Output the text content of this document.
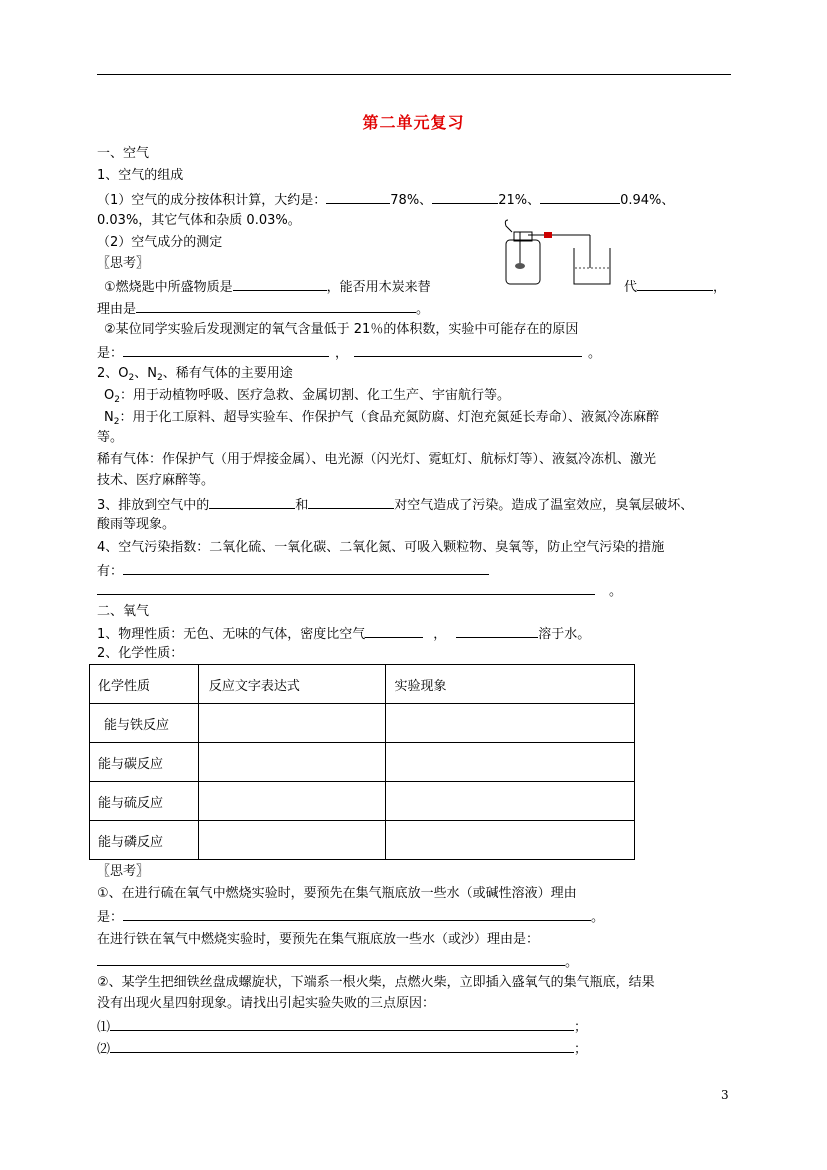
第二单元复习
一、空气
1、空气的组成
（1）空气的成分按体积计算，大约是：	78%、	21%、	0.94%、
0.03%，其它气体和杂质 0.03%。
（2）空气成分的测定
〖思考〗
①燃烧匙中所盛物质是	，能否用木炭来替	代	，
理由是	。
②某位同学实验后发现测定的氧气含量低于 21％的体积数，实验中可能存在的原因
是：	，	。
2、$O_2$、$N_2$、稀有气体的主要用途
$O_2$：用于动植物呼吸、医疗急救、金属切割、化工生产、宇宙航行等。
$N_2$：用于化工原料、超导实验车、作保护气（食品充氮防腐、灯泡充氮延长寿命）、液氮冷冻麻醉
等。
稀有气体：作保护气（用于焊接金属）、电光源（闪光灯、霓虹灯、航标灯等）、液氦冷冻机、激光
技术、医疗麻醉等。
3、排放到空气中的	和	对空气造成了污染。造成了温室效应，臭氧层破坏、
酸雨等现象。
4、空气污染指数：二氧化硫、一氧化碳、二氧化氮、可吸入颗粒物、臭氧等，防止空气污染的措施
有：
。
二、氧气
1、物理性质：无色、无味的气体，密度比空气	，	溶于水。
2、化学性质：
化学性质	反应文字表达式	实验现象
能与铁反应		
能与碳反应		
能与硫反应		
能与磷反应		
〖思考〗
①、在进行硫在氧气中燃烧实验时，要预先在集气瓶底放一些水（或碱性溶液）理由
是：	。
在进行铁在氧气中燃烧实验时，要预先在集气瓶底放一些水（或沙）理由是：
。
②、某学生把细铁丝盘成螺旋状，下端系一根火柴，点燃火柴，立即插入盛氧气的集气瓶底，结果
没有出现火星四射现象。请找出引起实验失败的三点原因：
⑴	；
⑵	；
3
